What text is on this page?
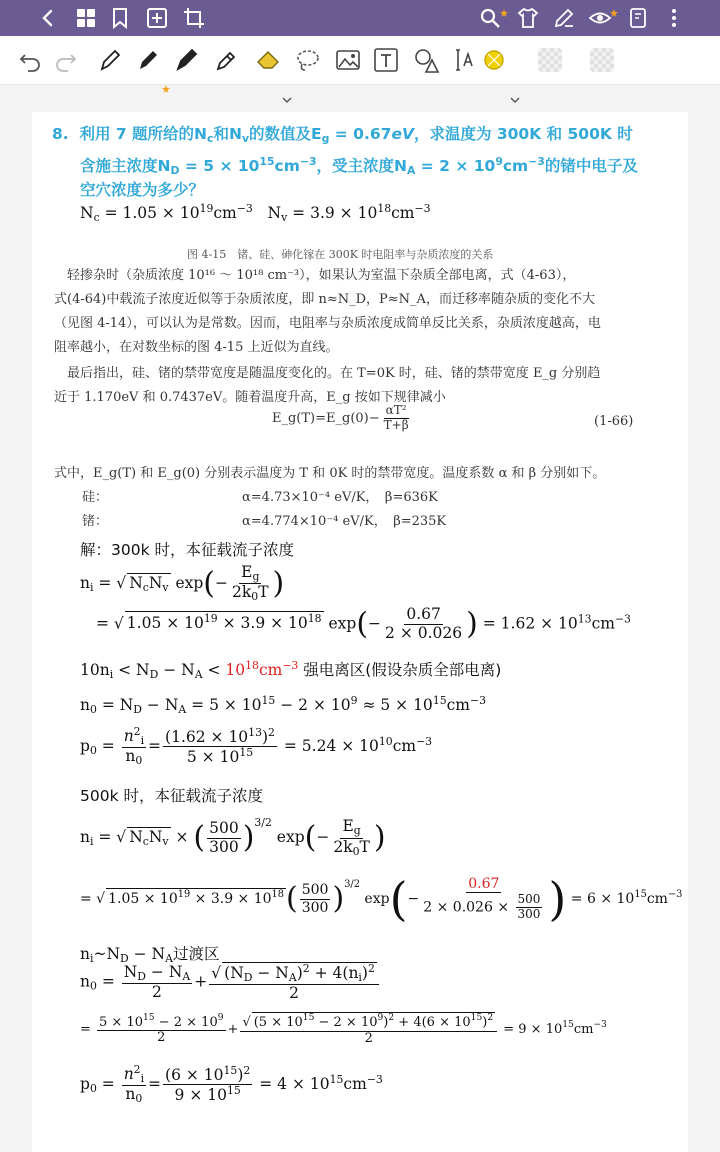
8. 利用 7 题所给的$N_c$和$N_v$的数值及$E_g = 0.67eV$，求温度为 300K 和 500K 时
含施主浓度$N_D = 5 \times 10^{15}cm^{-3}$，受主浓度$N_A = 2 \times 10^9cm^{-3}$的锗中电子及
空穴浓度为多少？
$N_c = 1.05 \times 10^{19}cm^{-3}$ $N_v = 3.9 \times 10^{18}cm^{-3}$
图 4-15　锗、硅、砷化镓在 300K 时电阻率与杂质浓度的关系
　轻掺杂时（杂质浓度 10¹⁶ ～ 10¹⁸ cm⁻³），如果认为室温下杂质全部电离，式（4-63），
式(4-64)中载流子浓度近似等于杂质浓度，即 n≈N_D，P≈N_A，而迁移率随杂质的变化不大
（见图 4-14），可以认为是常数。因而，电阻率与杂质浓度成简单反比关系，杂质浓度越高，电
阻率越小，在对数坐标的图 4-15 上近似为直线。
　最后指出，硅、锗的禁带宽度是随温度变化的。在 T=0K 时，硅、锗的禁带宽度 E_g 分别趋
近于 1.170eV 和 0.7437eV。随着温度升高，E_g 按如下规律减小
E_g(T)=E_g(0)− $\frac{\text{αT²}}{T+\beta}$	(1-66)
式中，E_g(T) 和 E_g(0) 分别表示温度为 T 和 0K 时的禁带宽度。温度系数 α 和 β 分别如下。
硅：	α=4.73×10⁻⁴ eV/K，　β=636K
锗：	α=4.774×10⁻⁴ eV/K，　β=235K
解：300k 时，本征载流子浓度
$n_i$ = √ $N_cN_v$ $\exp(- \frac{E_g}{2k_0T}$ )
= √ $1.05 \times 10^{19} \times 3.9 \times 10^{18}$ $\exp(- \frac{0.67}{2 \times 0.026}$ ) = $1.62 \times 10^{13}cm^{-3}$
$10n_i < N_D - N_A < 10^{18}cm^{-3}$ 强电离区(假设杂质全部电离)
$n_0 = N_D - N_A = 5 \times 10^{15} - 2 \times 10^9 \approx 5 \times 10^{15}cm^{-3}$
$p_0 = \frac{n^2_i}{n_0} = \frac{(1.62 \times 10^{13})^2}{5 \times 10^{15}} = 5.24 \times 10^{10}cm^{-3}$
500k 时，本征载流子浓度
$n_i$ = √ $N_cN_v$ × ( $\frac{500}{300} )^{3/2}$ $\exp(- \frac{E_g}{2k_0T}$ )
= √ $1.05 \times 10^{19} \times 3.9 \times 10^{18}( \frac{500}{300} )^{3/2}$ $\exp(- \frac{0.67}{2 \times 0.026 \times \frac{500}{300}}$ ) = $6 \times 10^{15}cm^{-3}$
$n_i\sim N_D - N_A$过渡区
$n_0 = \frac{N_D - N_A}{2} + \frac{√ (N_D - N_A)^2 + 4(n_i)^2}{2}$
= $\frac{5 \times 10^{15} - 2 \times 10^9}{2} + \frac{√ (5 \times 10^{15} - 2 \times 10^9)^2 + 4(6 \times 10^{15})^2}{2} = 9 \times 10^{15}cm^{-3}$
$p_0 = \frac{n^2_i}{n_0} = \frac{(6 \times 10^{15})^2}{9 \times 10^{15}} = 4 \times 10^{15}cm^{-3}$
